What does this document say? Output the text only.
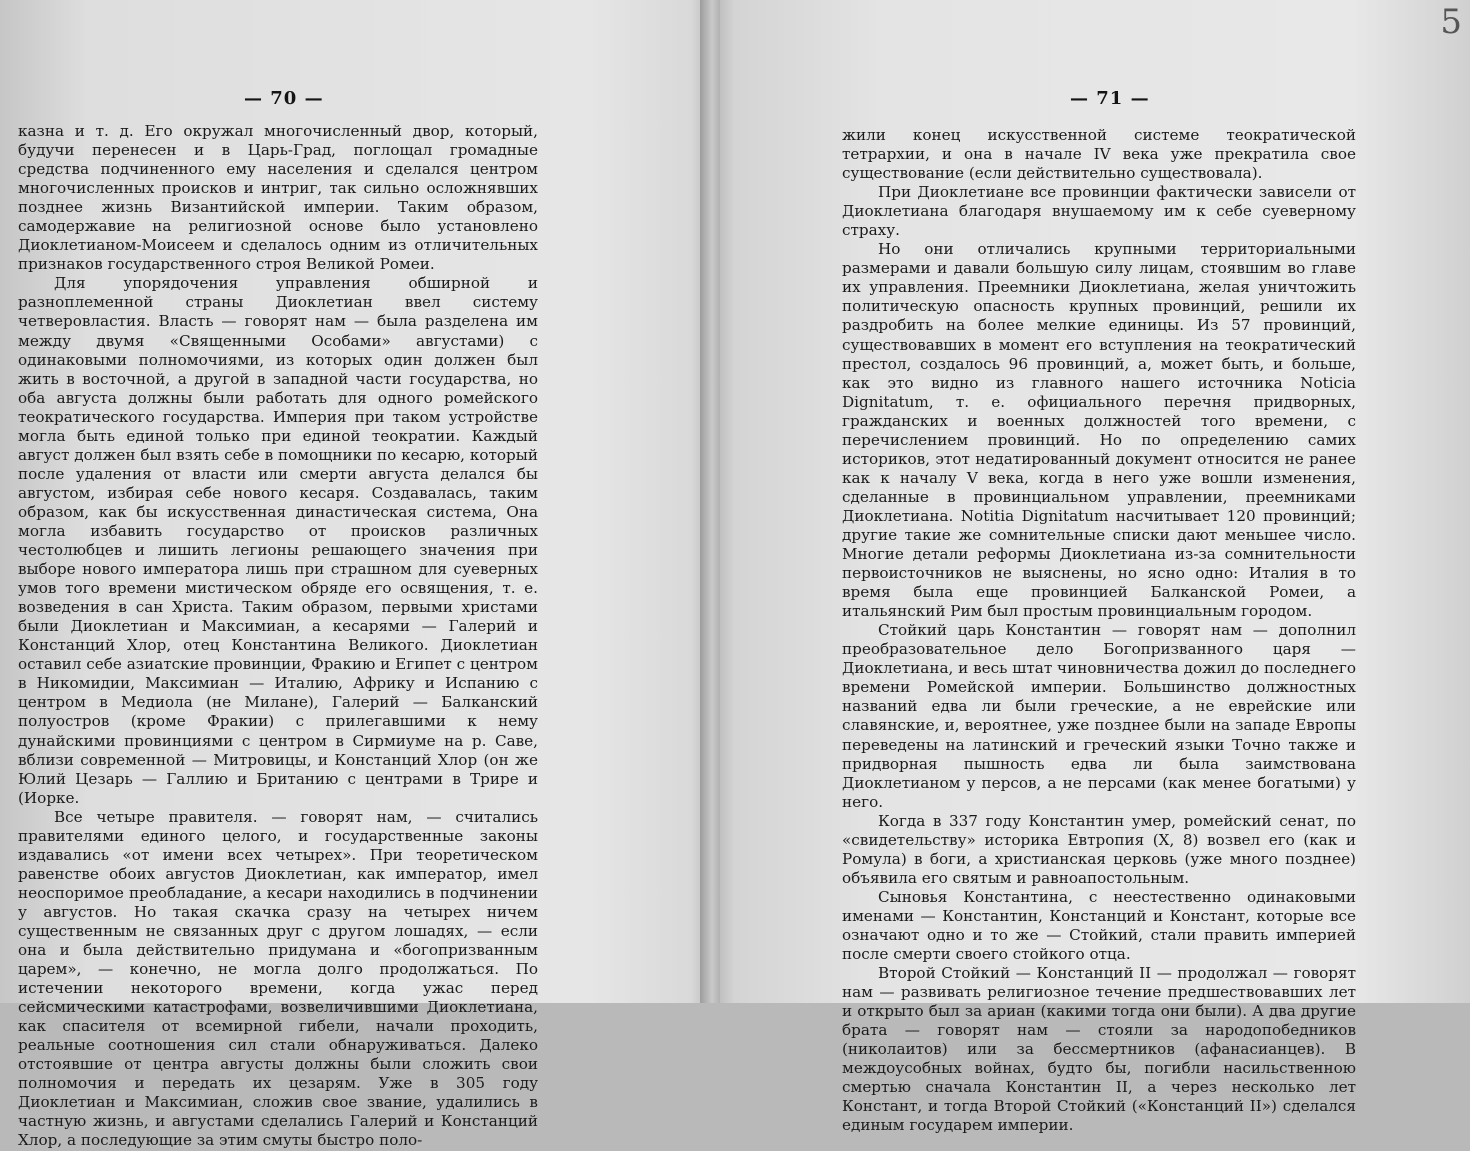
— 70 —

казна и т. д. Его окружал многочисленный двор, который, будучи перенесен и в Царь-Град, поглощал громадные средства подчиненного ему населения и сделался центром многочисленных происков и интриг, так сильно осложнявших позднее жизнь Византийской империи. Таким образом, самодержавие на религиозной основе было установлено Диоклетианом-Моисеем и сделалось одним из отличительных признаков государственного строя Великой Ромеи.

Для упорядочения управления обширной и разноплеменной страны Диоклетиан ввел систему четверовластия. Власть — говорят нам — была разделена им между двумя «Священными Особами» августами) с одинаковыми полномочиями, из которых один должен был жить в восточной, а другой в западной части государства, но оба августа должны были работать для одного ромейского теократического государства. Империя при таком устройстве могла быть единой только при единой теократии. Каждый август должен был взять себе в помощники по кесарю, который после удаления от власти или смерти августа делался бы августом, избирая себе нового кесаря. Создавалась, таким образом, как бы искусственная династическая система, Она могла избавить государство от происков различных честолюбцев и лишить легионы решающего значения при выборе нового императора лишь при страшном для суеверных умов того времени мистическом обряде его освящения, т. е. возведения в сан Христа. Таким образом, первыми христами были Диоклетиан и Максимиан, а кесарями — Галерий и Констанций Хлор, отец Константина Великого. Диоклетиан оставил себе азиатские провинции, Фракию и Египет с центром в Никомидии, Максимиан — Италию, Африку и Испанию с центром в Медиола (не Милане), Галерий — Балканский полуостров (кроме Фракии) с прилегавшими к нему дунайскими провинциями с центром в Сирмиуме на р. Саве, вблизи современной — Митровицы, и Констанций Хлор (он же Юлий Цезарь — Галлию и Британию с центрами в Трире и (Иорке.

Все четыре правителя. — говорят нам, — считались правителями единого целого, и государственные законы издавались «от имени всех четырех». При теоретическом равенстве обоих августов Диоклетиан, как император, имел неоспоримое преобладание, а кесари находились в подчинении у августов. Но такая скачка сразу на четырех ничем существенным не связанных друг с другом лошадях, — если она и была действительно придумана и «богопризванным царем», — конечно, не могла долго продолжаться. По истечении некоторого времени, когда ужас перед сейсмическими катастрофами, возвеличившими Диоклетиана, как спасителя от всемирной гибели, начали проходить, реальные соотношения сил стали обнаруживаться. Далеко отстоявшие от центра августы должны были сложить свои полномочия и передать их цезарям. Уже в 305 году Диоклетиан и Максимиан, сложив свое звание, удалились в частную жизнь, и августами сделались Галерий и Констанций Хлор, а последующие за этим смуты быстро поло-

5
— 71 —

жили конец искусственной системе теократической тетрархии, и она в начале IV века уже прекратила свое существование (если действительно существовала).

При Диоклетиане все провинции фактически зависели от Диоклетиана благодаря внушаемому им к себе суеверному страху.

Но они отличались крупными территориальными размерами и давали большую силу лицам, стоявшим во главе их управления. Преемники Диоклетиана, желая уничтожить политическую опасность крупных провинций, решили их раздробить на более мелкие единицы. Из 57 провинций, существовавших в момент его вступления на теократический престол, создалось 96 провинций, а, может быть, и больше, как это видно из главного нашего источника Noticia Dignitatum, т. е. официального перечня придворных, гражданских и военных должностей того времени, с перечислением провинций. Но по определению самих историков, этот недатированный документ относится не ранее как к началу V века, когда в него уже вошли изменения, сделанные в провинциальном управлении, преемниками Диоклетиана. Notitia Dignitatum насчитывает 120 провинций; другие такие же сомнительные списки дают меньшее число. Многие детали реформы Диоклетиана из-за сомнительности первоисточников не выяснены, но ясно одно: Италия в то время была еще провинцией Балканской Ромеи, а итальянский Рим был простым провинциальным городом.

Стойкий царь Константин — говорят нам — дополнил преобразовательное дело Богопризванного царя — Диоклетиана, и весь штат чиновничества дожил до последнего времени Ромейской империи. Большинство должностных названий едва ли были греческие, а не еврейские или славянские, и, вероятнее, уже позднее были на западе Европы переведены на латинский и греческий языки Точно также и придворная пышность едва ли была заимствована Диоклетианом у персов, а не персами (как менее богатыми) у него.

Когда в 337 году Константин умер, ромейский сенат, по «свидетельству» историка Евтропия (X, 8) возвел его (как и Ромула) в боги, а христианская церковь (уже много позднее) объявила его святым и равноапостольным.

Сыновья Константина, с неестественно одинаковыми именами — Константин, Констанций и Констант, которые все означают одно и то же — Стойкий, стали править империей после смерти своего стойкого отца.

Второй Стойкий — Констанций II — продолжал — говорят нам — развивать религиозное течение предшествовавших лет и открыто был за ариан (какими тогда они были). А два другие брата — говорят нам — стояли за народопобедников (николаитов) или за бессмертников (афанасианцев). В междоусобных войнах, будто бы, погибли насильственною смертью сначала Константин II, а через несколько лет Констант, и тогда Второй Стойкий («Констанций II») сделался единым государем империи.
